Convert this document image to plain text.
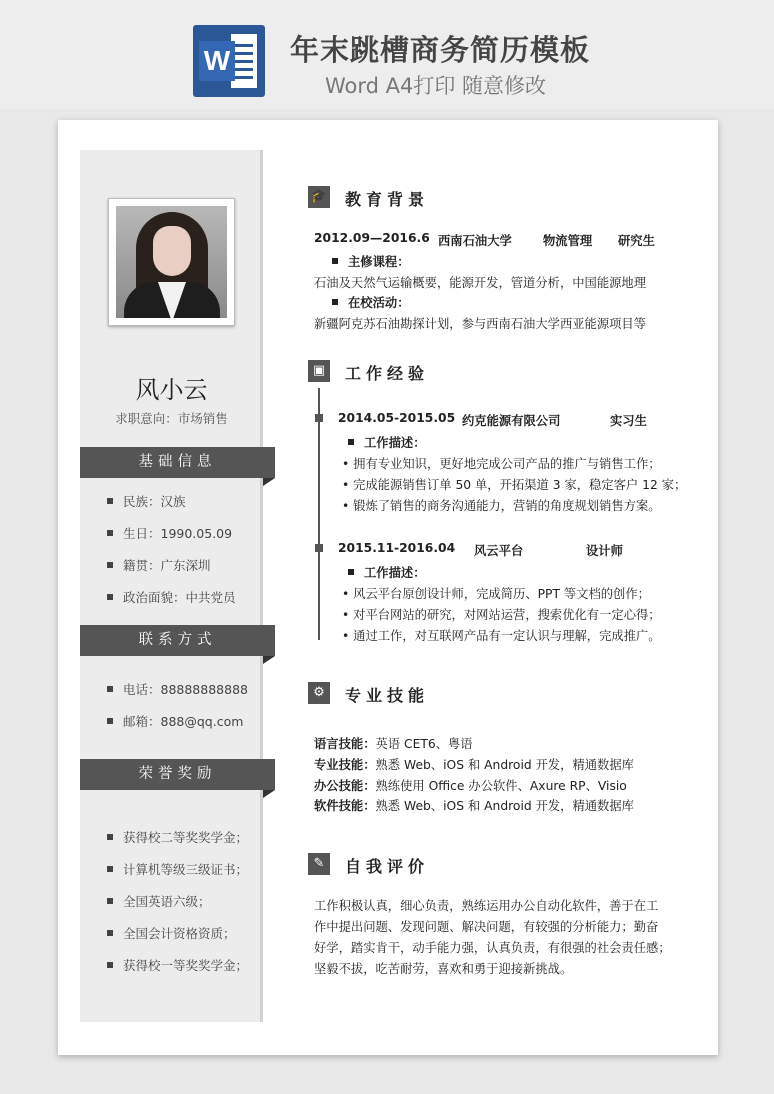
W 年末跳槽商务简历模板
Word A4打印 随意修改
风小云
求职意向：市场销售
基础信息
民族：汉族
生日：1990.05.09
籍贯：广东深圳
政治面貌：中共党员
联系方式
电话：88888888888
邮箱：888@qq.com
荣誉奖励
获得校二等奖奖学金；
计算机等级三级证书；
全国英语六级；
全国会计资格资质；
获得校一等奖奖学金；
🎓 教育背景
2012.09—2016.6 西南石油大学	物流管理 研究生
主修课程：
石油及天然气运输概要，能源开发，管道分析，中国能源地理
在校活动：
新疆阿克苏石油勘探计划，参与西南石油大学西亚能源项目等
▣	工作经验
2014.05-2015.05 约克能源有限公司	实习生
工作描述：
• 拥有专业知识，更好地完成公司产品的推广与销售工作；
• 完成能源销售订单 50 单，开拓渠道 3 家，稳定客户 12 家；
• 锻炼了销售的商务沟通能力，营销的角度规划销售方案。
2015.11-2016.04 风云平台	设计师
工作描述：
• 风云平台原创设计师，完成简历、PPT 等文档的创作；
• 对平台网站的研究，对网站运营，搜索优化有一定心得；
• 通过工作，对互联网产品有一定认识与理解，完成推广。
⚙	专业技能
语言技能：英语 CET6、粤语
专业技能：熟悉 Web、iOS 和 Android 开发，精通数据库
办公技能：熟练使用 Office 办公软件、Axure RP、Visio
软件技能：熟悉 Web、iOS 和 Android 开发，精通数据库
✎	自我评价
工作积极认真，细心负责，熟练运用办公自动化软件，善于在工
作中提出问题、发现问题、解决问题，有较强的分析能力；勤奋
好学，踏实肯干，动手能力强，认真负责，有很强的社会责任感；
坚毅不拔，吃苦耐劳，喜欢和勇于迎接新挑战。
